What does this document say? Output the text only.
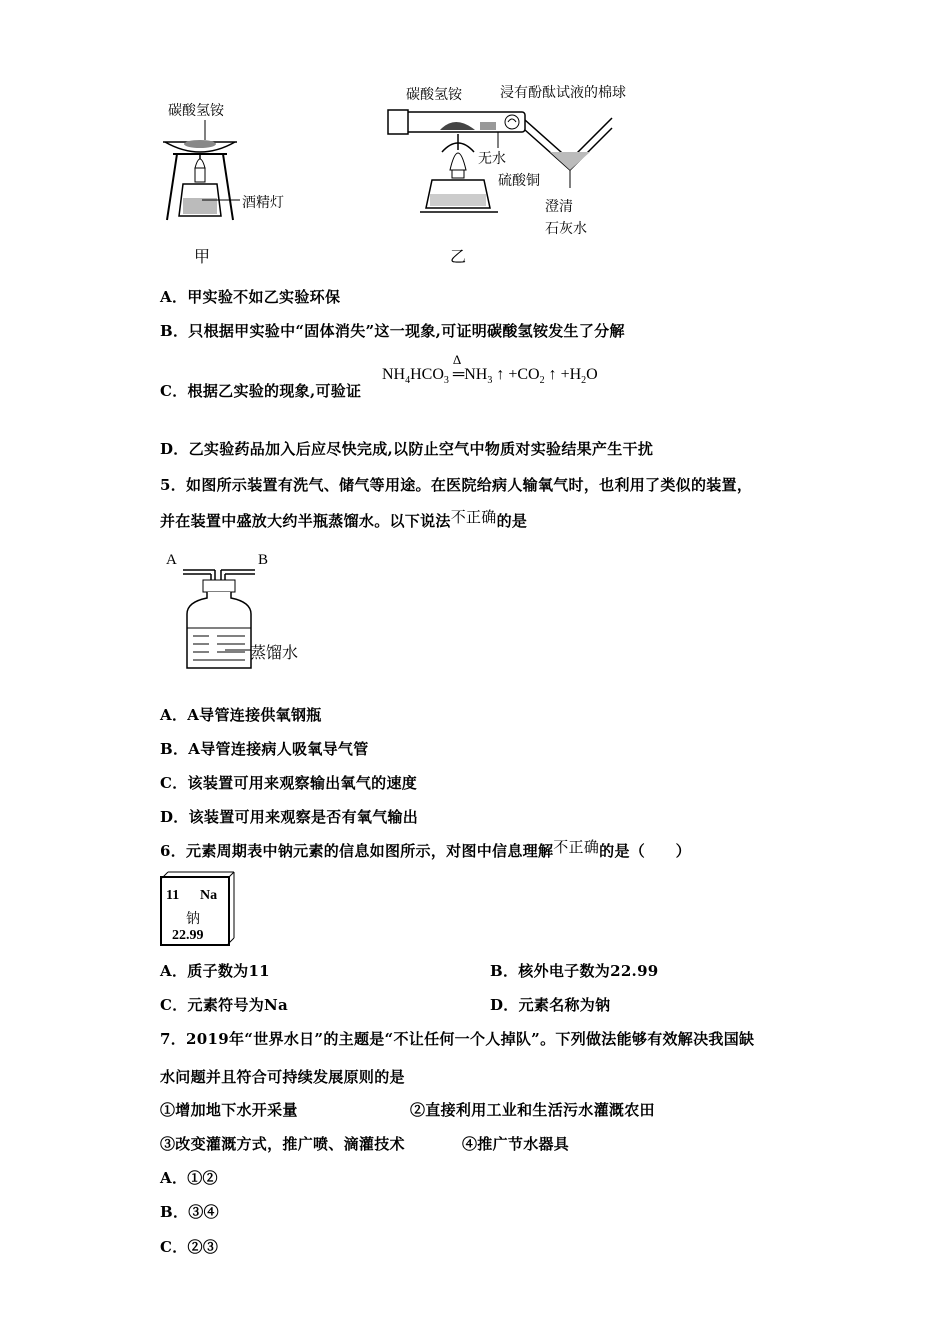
碳酸氢铵
酒精灯
甲
碳酸氢铵	浸有酚酞试液的棉球
无水
硫酸铜
澄清
石灰水
乙
A．甲实验不如乙实验环保
B．只根据甲实验中“固体消失”这一现象,可证明碳酸氢铵发生了分解
C．根据乙实验的现象,可验证
$NH_4HCO_3$
Δ
$═NH_3$ ↑ $+CO_2$ ↑ $+H_2O$
D．乙实验药品加入后应尽快完成,以防止空气中物质对实验结果产生干扰
5．如图所示装置有洗气、储气等用途。在医院给病人输氧气时，也利用了类似的装置，
并在装置中盛放大约半瓶蒸馏水。以下说法不正确的是
A	B
蒸馏水
A．A导管连接供氧钢瓶
B．A导管连接病人吸氧导气管
C．该装置可用来观察输出氧气的速度
D．该装置可用来观察是否有氧气输出
6．元素周期表中钠元素的信息如图所示，对图中信息理解不正确的是（　　）
11 Na
钠
22.99
A．质子数为11	B．核外电子数为22.99
C．元素符号为Na	D．元素名称为钠
7．2019年“世界水日”的主题是“不让任何一个人掉队”。下列做法能够有效解决我国缺
水问题并且符合可持续发展原则的是
①增加地下水开采量	②直接利用工业和生活污水灌溉农田
③改变灌溉方式，推广喷、滴灌技术	④推广节水器具
A．①②
B．③④
C．②③
